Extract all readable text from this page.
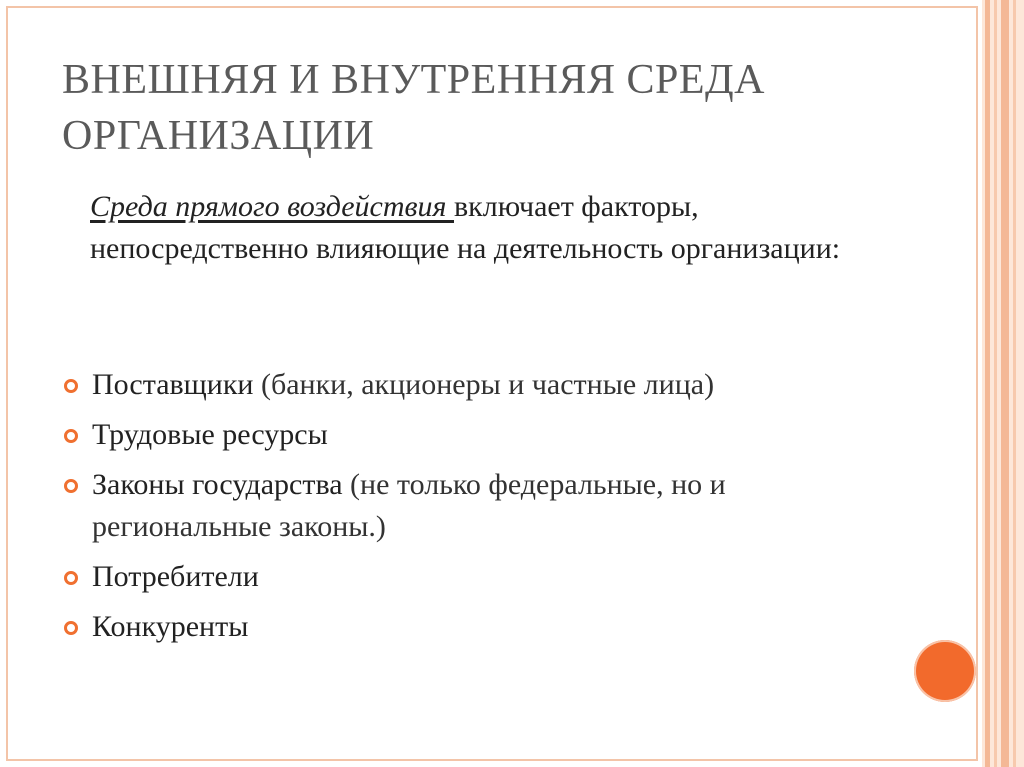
ВНЕШНЯЯ И ВНУТРЕННЯЯ СРЕДА
ОРГАНИЗАЦИИ
Среда прямого воздействия включает факторы, непосредственно влияющие на деятельность организации:
Поставщики (банки, акционеры и частные лица)
Трудовые ресурсы
Законы государства (не только федеральные, но и региональные законы.)
Потребители
Конкуренты
